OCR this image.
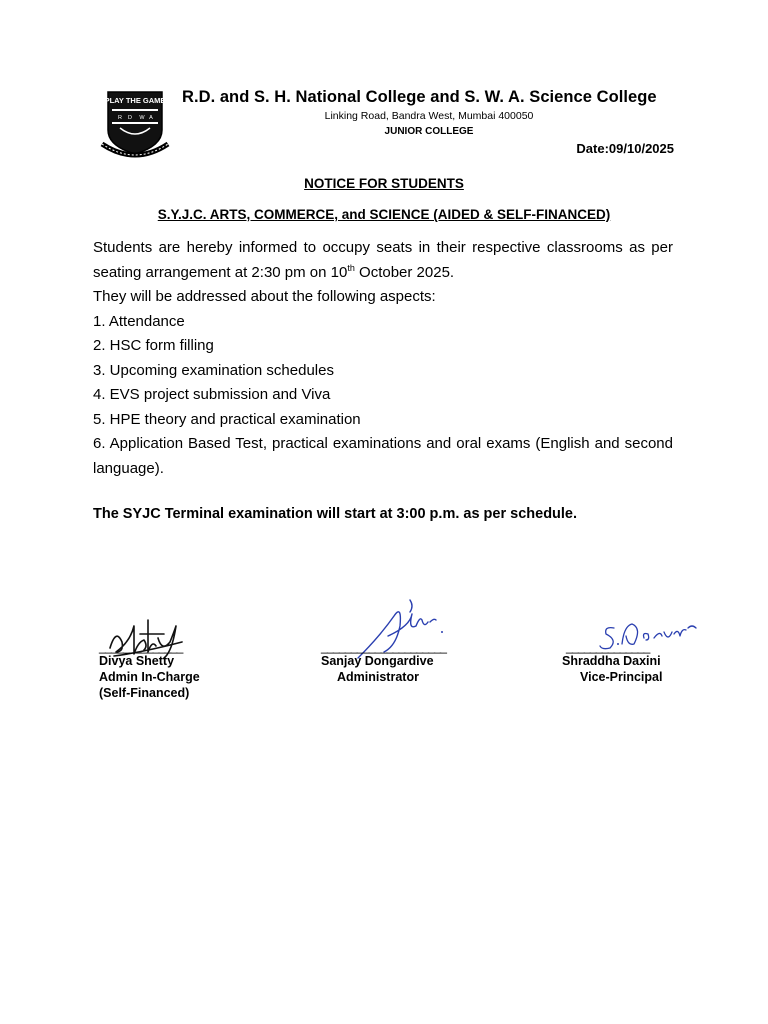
PLAY THE GAME
R D W A
R.D. and S. H. National College and S. W. A. Science College
Linking Road, Bandra West, Mumbai 400050
JUNIOR COLLEGE
Date:09/10/2025
NOTICE FOR STUDENTS
S.Y.J.C. ARTS, COMMERCE, and SCIENCE (AIDED & SELF-FINANCED)

Students are hereby informed to occupy seats in their respective classrooms as per seating arrangement at 2:30 pm on 10th October 2025.

They will be addressed about the following aspects:

1. Attendance

2. HSC form filling

3. Upcoming examination schedules

4. EVS project submission and Viva

5. HPE theory and practical examination

6. Application Based Test, practical examinations and oral exams (English and second language).

The SYJC Terminal examination will start at 3:00 p.m. as per schedule.
______________
Divya Shetty
Admin In-Charge
(Self-Financed)
_____________________
Sanjay Dongardive
Administrator
______________
Shraddha Daxini
Vice-Principal
